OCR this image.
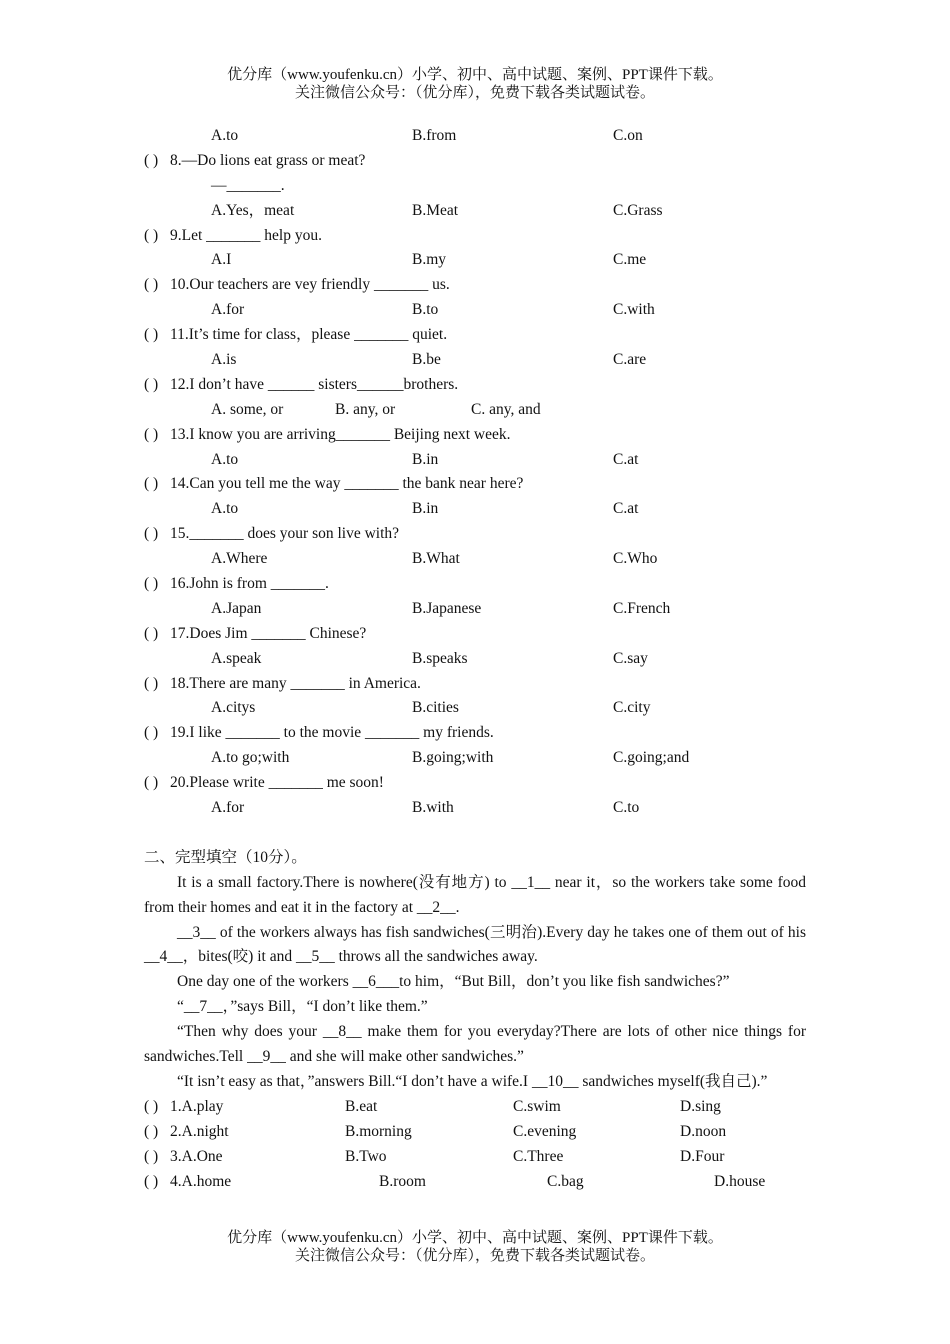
优分库（www.youfenku.cn）小学、初中、高中试题、案例、PPT课件下载。
关注微信公众号：（优分库），免费下载各类试题试卷。
A.to	B.from	C.on
( ) 8.—Do lions eat grass or meat?
—_______.
A.Yes，meat	B.Meat	C.Grass
( ) 9.Let _______ help you.
A.I	B.my	C.me
( ) 10.Our teachers are vey friendly _______ us.
A.for	B.to	C.with
( ) 11.It’s time for class，please _______ quiet.
A.is	B.be	C.are
( ) 12.I don’t have ______ sisters______brothers.
A. some, or	B. any, or	C. any, and
( ) 13.I know you are arriving_______ Beijing next week.
A.to	B.in	C.at
( ) 14.Can you tell me the way _______ the bank near here?
A.to	B.in	C.at
( ) 15._______ does your son live with?
A.Where	B.What	C.Who
( ) 16.John is from _______.
A.Japan	B.Japanese	C.French
( ) 17.Does Jim _______ Chinese?
A.speak	B.speaks	C.say
( ) 18.There are many _______ in America.
A.citys	B.cities	C.city
( ) 19.I like _______ to the movie _______ my friends.
A.to go;with	B.going;with	C.going;and
( ) 20.Please write _______ me soon!
A.for	B.with	C.to
二、完型填空（10分）。
It is a small factory.There is nowhere(没有地方) to __1__ near it，so the workers take some food from their homes and eat it in the factory at __2__.
__3__ of the workers always has fish sandwiches(三明治).Every day he takes one of them out of his __4__，bites(咬) it and __5__ throws all the sandwiches away.
One day one of the workers __6___to him，“But Bill，don’t you like fish sandwiches?”
“__7__，”says Bill，“I don’t like them.”
“Then why does your __8__ make them for you everyday?There are lots of other nice things for sandwiches.Tell __9__ and she will make other sandwiches.”
“It isn’t easy as that，”answers Bill.“I don’t have a wife.I __10__ sandwiches myself(我自己).”
( ) 1.A.play	B.eat	C.swim	D.sing
( ) 2.A.night	B.morning	C.evening	D.noon
( ) 3.A.One	B.Two	C.Three	D.Four
( ) 4.A.home	B.room	C.bag	D.house
优分库（www.youfenku.cn）小学、初中、高中试题、案例、PPT课件下载。
关注微信公众号：（优分库），免费下载各类试题试卷。
